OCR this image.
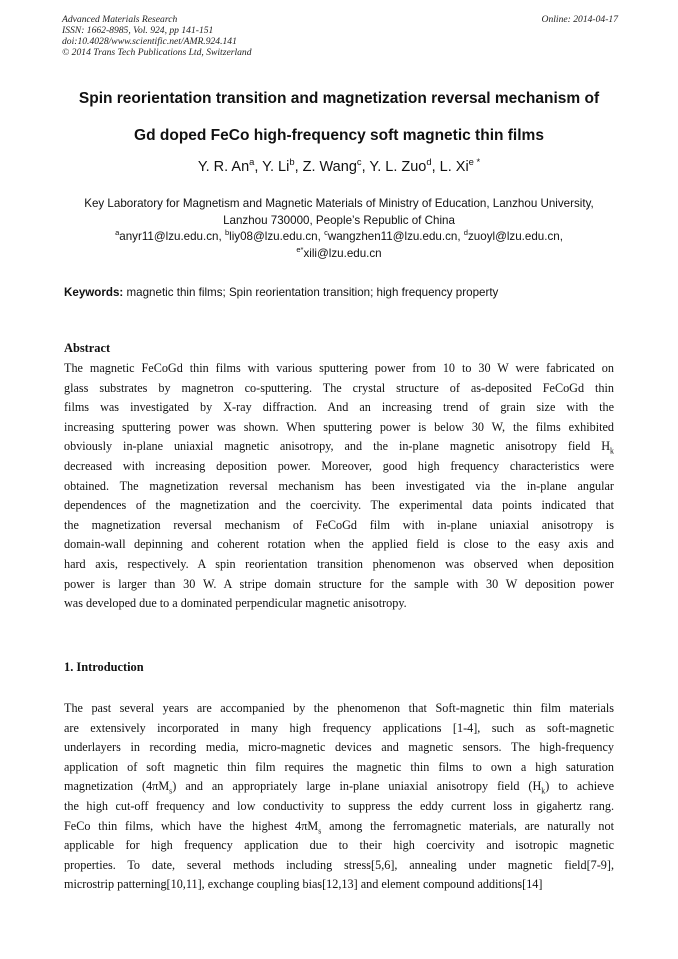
Advanced Materials Research
ISSN: 1662-8985, Vol. 924, pp 141-151
doi:10.4028/www.scientific.net/AMR.924.141
© 2014 Trans Tech Publications Ltd, Switzerland
Online: 2014-04-17
Spin reorientation transition and magnetization reversal mechanism of
Gd doped FeCo high-frequency soft magnetic thin films
Y. R. An$^a$, Y. Li$^b$, Z. Wang$^c$, Y. L. Zuo$^d$, L. $Xi^{e *}$
Key Laboratory for Magnetism and Magnetic Materials of Ministry of Education, Lanzhou University,
Lanzhou 730000, People’s Republic of China
$^a$anyr11@lzu.edu.cn, $^b$liy08@lzu.edu.cn, $^c$wangzhen11@lzu.edu.cn, $^d$zuoyl@lzu.edu.cn,
$^{e*}$xili@lzu.edu.cn
Keywords: magnetic thin films; Spin reorientation transition; high frequency property
Abstract
The magnetic FeCoGd thin films with various sputtering power from 10 to 30 W were fabricated on
glass substrates by magnetron co-sputtering. The crystal structure of as-deposited FeCoGd thin
films was investigated by X-ray diffraction. And an increasing trend of grain size with the
increasing sputtering power was shown. When sputtering power is below 30 W, the films exhibited
obviously in-plane uniaxial magnetic anisotropy, and the in-plane magnetic anisotropy field $H_k$
decreased with increasing deposition power. Moreover, good high frequency characteristics were
obtained. The magnetization reversal mechanism has been investigated via the in-plane angular
dependences of the magnetization and the coercivity. The experimental data points indicated that
the magnetization reversal mechanism of FeCoGd film with in-plane uniaxial anisotropy is
domain-wall depinning and coherent rotation when the applied field is close to the easy axis and
hard axis, respectively. A spin reorientation transition phenomenon was observed when deposition
power is larger than 30 W. A stripe domain structure for the sample with 30 W deposition power
was developed due to a dominated perpendicular magnetic anisotropy.
1. Introduction
The past several years are accompanied by the phenomenon that Soft-magnetic thin film materials
are extensively incorporated in many high frequency applications [1-4], such as soft-magnetic
underlayers in recording media, micro-magnetic devices and magnetic sensors. The high-frequency
application of soft magnetic thin film requires the magnetic thin films to own a high saturation
magnetization $(4\pi M_s)$ and an appropriately large in-plane uniaxial anisotropy field $(H_k)$ to achieve
the high cut-off frequency and low conductivity to suppress the eddy current loss in gigahertz rang.
FeCo thin films, which have the highest $4\pi M_s$ among the ferromagnetic materials, are naturally not
applicable for high frequency application due to their high coercivity and isotropic magnetic
properties. To date, several methods including stress[5,6], annealing under magnetic field[7-9],
microstrip patterning[10,11], exchange coupling bias[12,13] and element compound additions[14]
